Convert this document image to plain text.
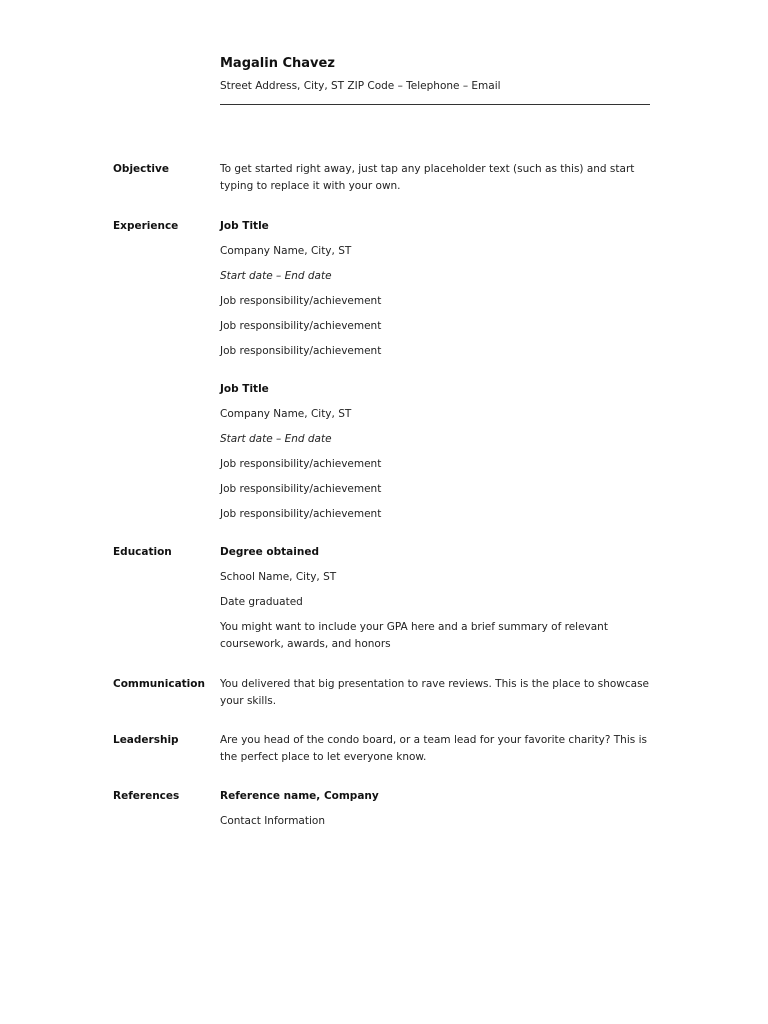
Magalin Chavez
Street Address, City, ST ZIP Code – Telephone – Email
Objective	To get started right away, just tap any placeholder text (such as this) and start typing to replace it with your own.
Experience	Job Title
Company Name, City, ST
Start date – End date
Job responsibility/achievement
Job responsibility/achievement
Job responsibility/achievement
Job Title
Company Name, City, ST
Start date – End date
Job responsibility/achievement
Job responsibility/achievement
Job responsibility/achievement
Education	Degree obtained
School Name, City, ST
Date graduated
You might want to include your GPA here and a brief summary of relevant coursework, awards, and honors
Communication You delivered that big presentation to rave reviews. This is the place to showcase your skills.
Leadership	Are you head of the condo board, or a team lead for your favorite charity? This is the perfect place to let everyone know.
References	Reference name, Company
Contact Information
